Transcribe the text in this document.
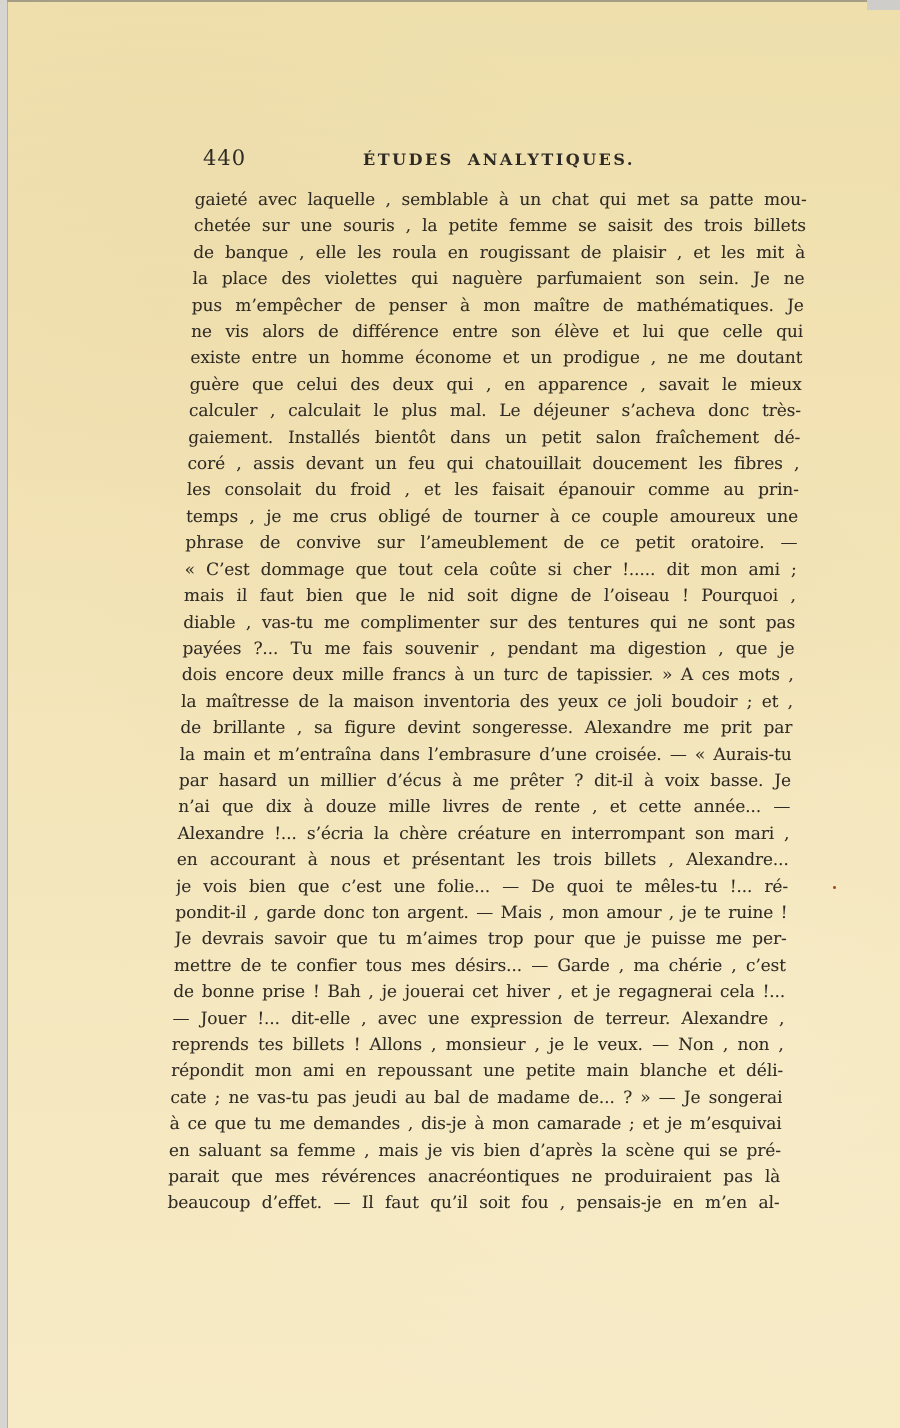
440	ÉTUDES ANALYTIQUES.
gaieté avec laquelle , semblable à un chat qui met sa patte mou-
chetée sur une souris , la petite femme se saisit des trois billets
de banque , elle les roula en rougissant de plaisir , et les mit à
la place des violettes qui naguère parfumaient son sein. Je ne
pus m’empêcher de penser à mon maître de mathématiques. Je
ne vis alors de différence entre son élève et lui que celle qui
existe entre un homme économe et un prodigue , ne me doutant
guère que celui des deux qui , en apparence , savait le mieux
calculer , calculait le plus mal. Le déjeuner s’acheva donc très-
gaiement. Installés bientôt dans un petit salon fraîchement dé-
coré , assis devant un feu qui chatouillait doucement les fibres ,
les consolait du froid , et les faisait épanouir comme au prin-
temps , je me crus obligé de tourner à ce couple amoureux une
phrase de convive sur l’ameublement de ce petit oratoire. —
« C’est dommage que tout cela coûte si cher !..... dit mon ami ;
mais il faut bien que le nid soit digne de l’oiseau ! Pourquoi ,
diable , vas-tu me complimenter sur des tentures qui ne sont pas
payées ?... Tu me fais souvenir , pendant ma digestion , que je
dois encore deux mille francs à un turc de tapissier. » A ces mots ,
la maîtresse de la maison inventoria des yeux ce joli boudoir ; et ,
de brillante , sa figure devint songeresse. Alexandre me prit par
la main et m’entraîna dans l’embrasure d’une croisée. — « Aurais-tu
par hasard un millier d’écus à me prêter ? dit-il à voix basse. Je
n’ai que dix à douze mille livres de rente , et cette année... —
Alexandre !... s’écria la chère créature en interrompant son mari ,
en accourant à nous et présentant les trois billets , Alexandre...
je vois bien que c’est une folie... — De quoi te mêles-tu !... ré-
pondit-il , garde donc ton argent. — Mais , mon amour , je te ruine !
Je devrais savoir que tu m’aimes trop pour que je puisse me per-
mettre de te confier tous mes désirs... — Garde , ma chérie , c’est
de bonne prise ! Bah , je jouerai cet hiver , et je regagnerai cela !...
— Jouer !... dit-elle , avec une expression de terreur. Alexandre ,
reprends tes billets ! Allons , monsieur , je le veux. — Non , non ,
répondit mon ami en repoussant une petite main blanche et déli-
cate ; ne vas-tu pas jeudi au bal de madame de... ? » — Je songerai
à ce que tu me demandes , dis-je à mon camarade ; et je m’esquivai
en saluant sa femme , mais je vis bien d’après la scène qui se pré-
parait que mes révérences anacréontiques ne produiraient pas là
beaucoup d’effet. — Il faut qu’il soit fou , pensais-je en m’en al-
